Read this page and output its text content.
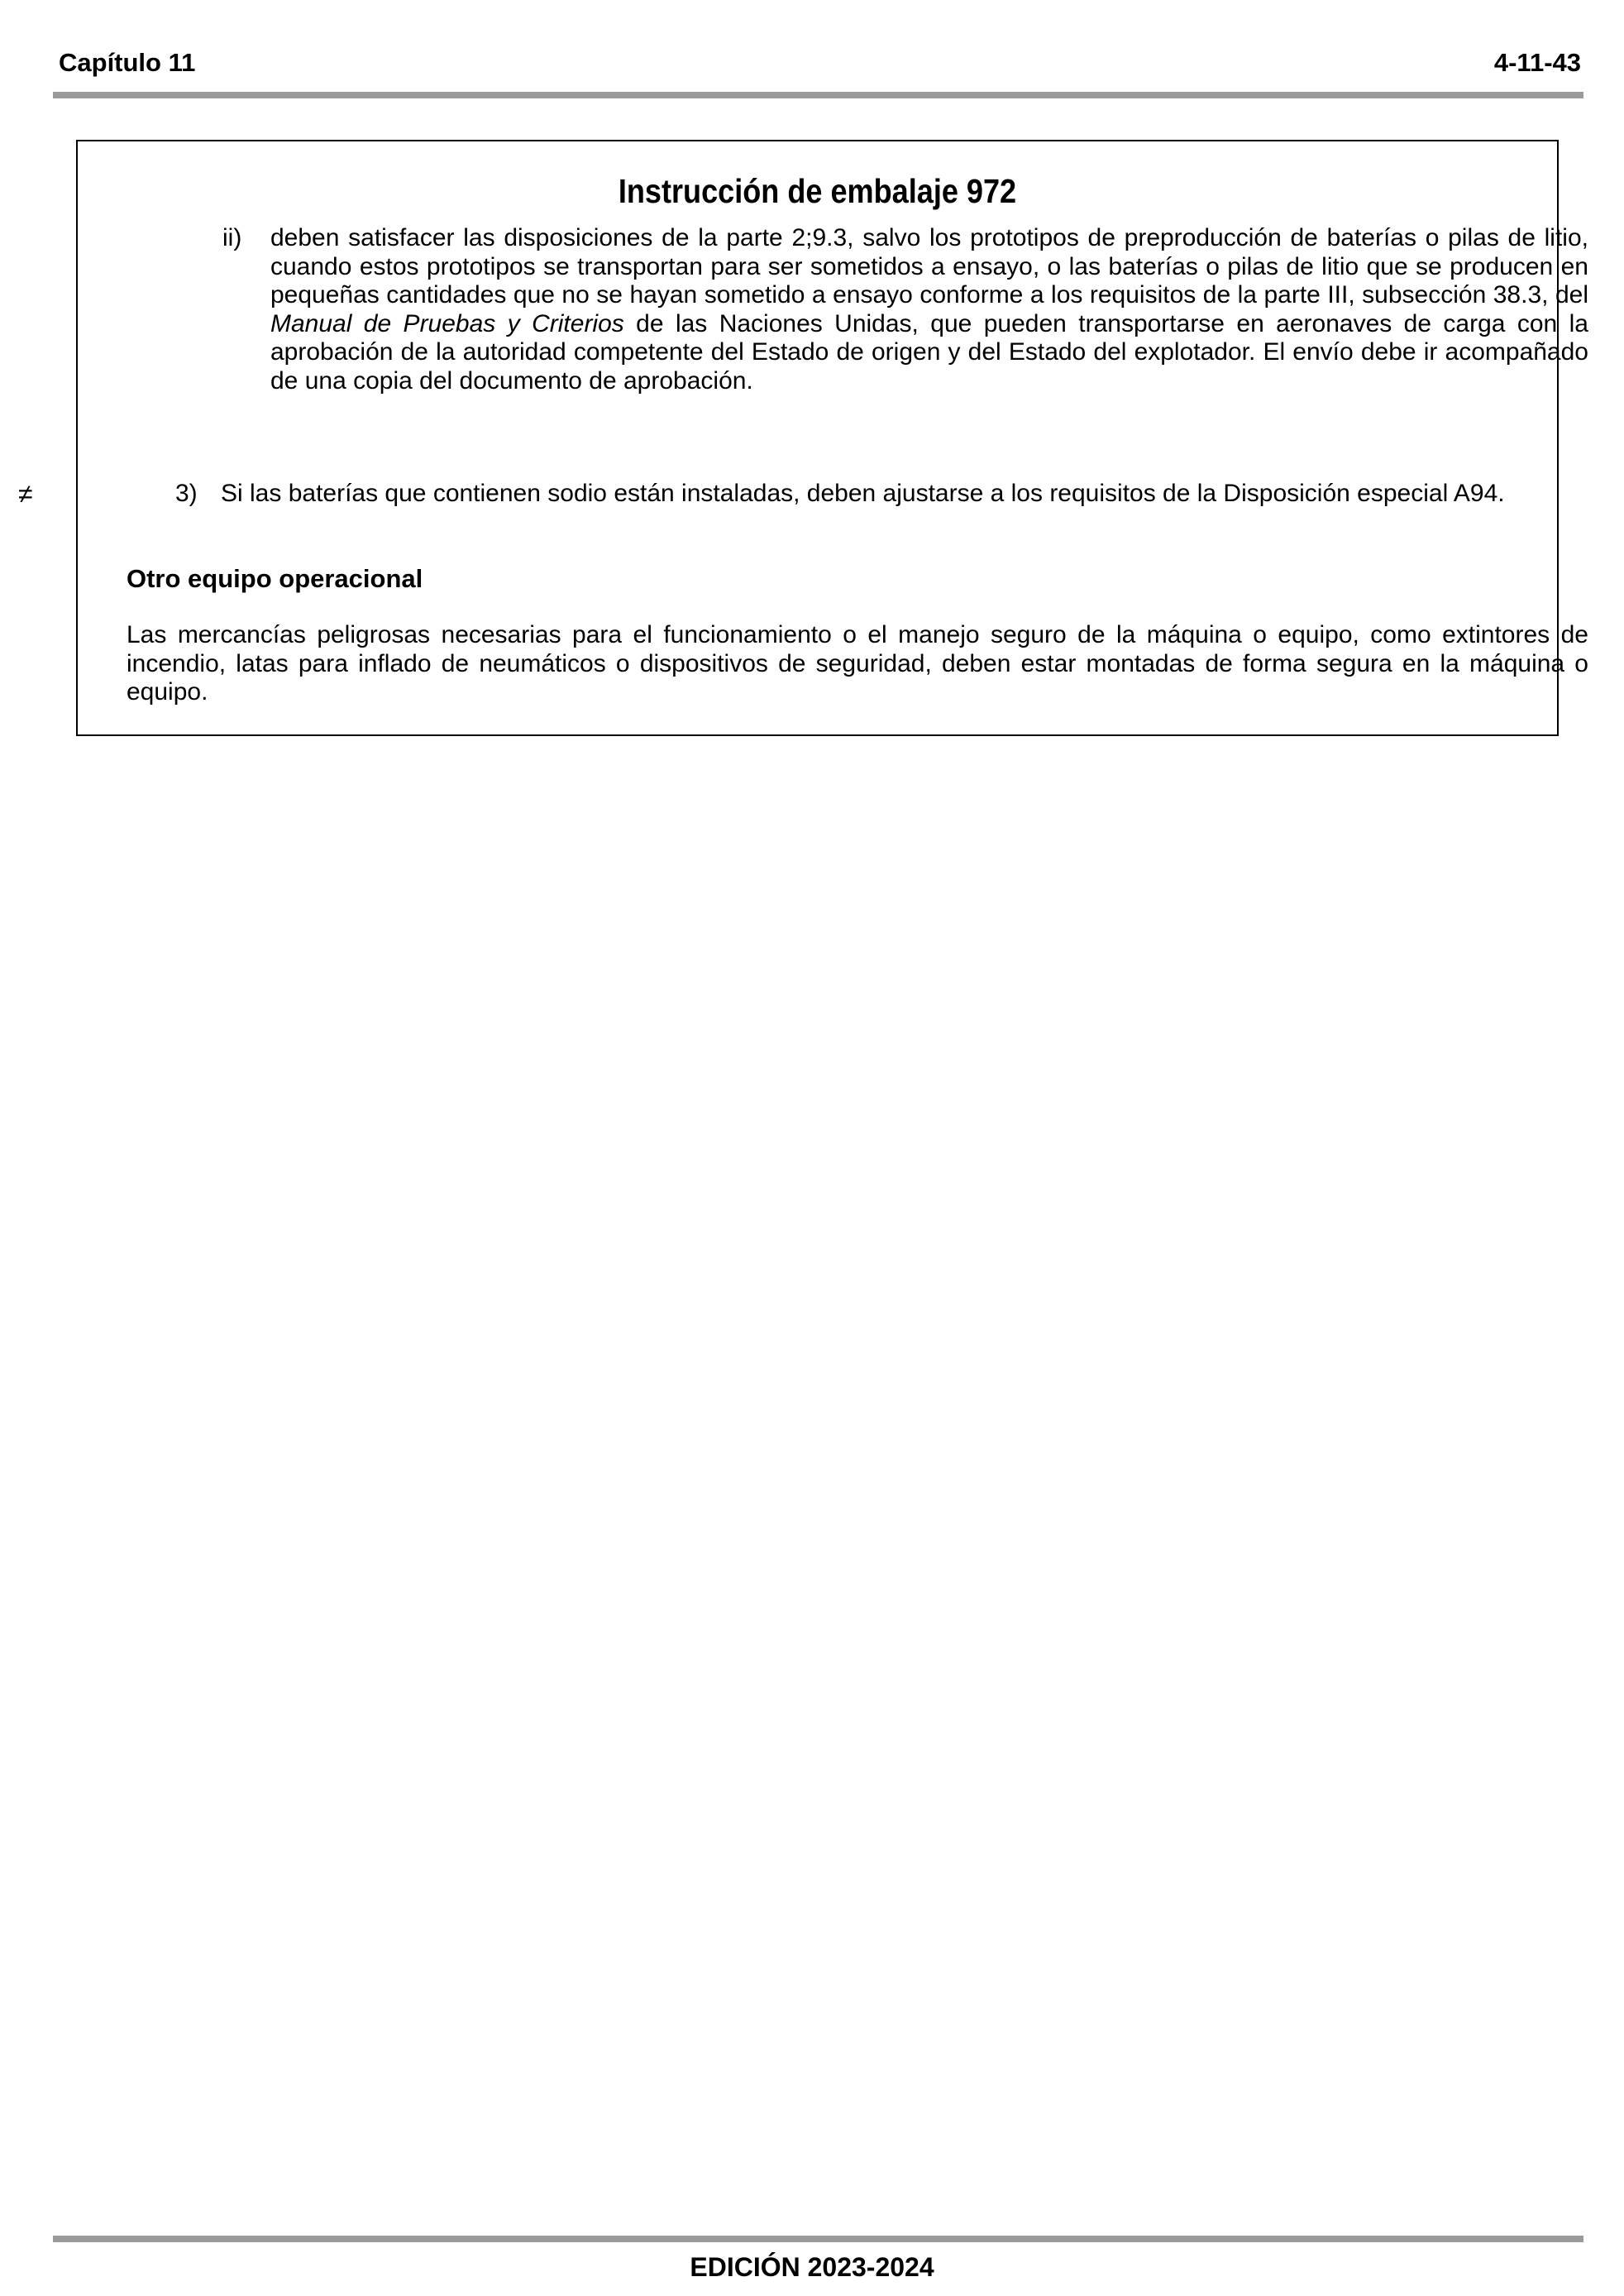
Capítulo 11	4-11-43
≠
Instrucción de embalaje 972
ii) deben satisfacer las disposiciones de la parte 2;9.3, salvo los prototipos de preproducción de baterías o pilas de litio, cuando estos prototipos se transportan para ser sometidos a ensayo, o las baterías o pilas de litio que se producen en pequeñas cantidades que no se hayan sometido a ensayo conforme a los requisitos de la parte III, subsección 38.3, del Manual de Pruebas y Criterios de las Naciones Unidas, que pueden transportarse en aeronaves de carga con la aprobación de la autoridad competente del Estado de origen y del Estado del explotador. El envío debe ir acompañado de una copia del documento de aprobación.
3) Si las baterías que contienen sodio están instaladas, deben ajustarse a los requisitos de la Disposición especial A94.
Otro equipo operacional
Las mercancías peligrosas necesarias para el funcionamiento o el manejo seguro de la máquina o equipo, como extintores de incendio, latas para inflado de neumáticos o dispositivos de seguridad, deben estar montadas de forma segura en la máquina o equipo.
EDICIÓN 2023-2024
